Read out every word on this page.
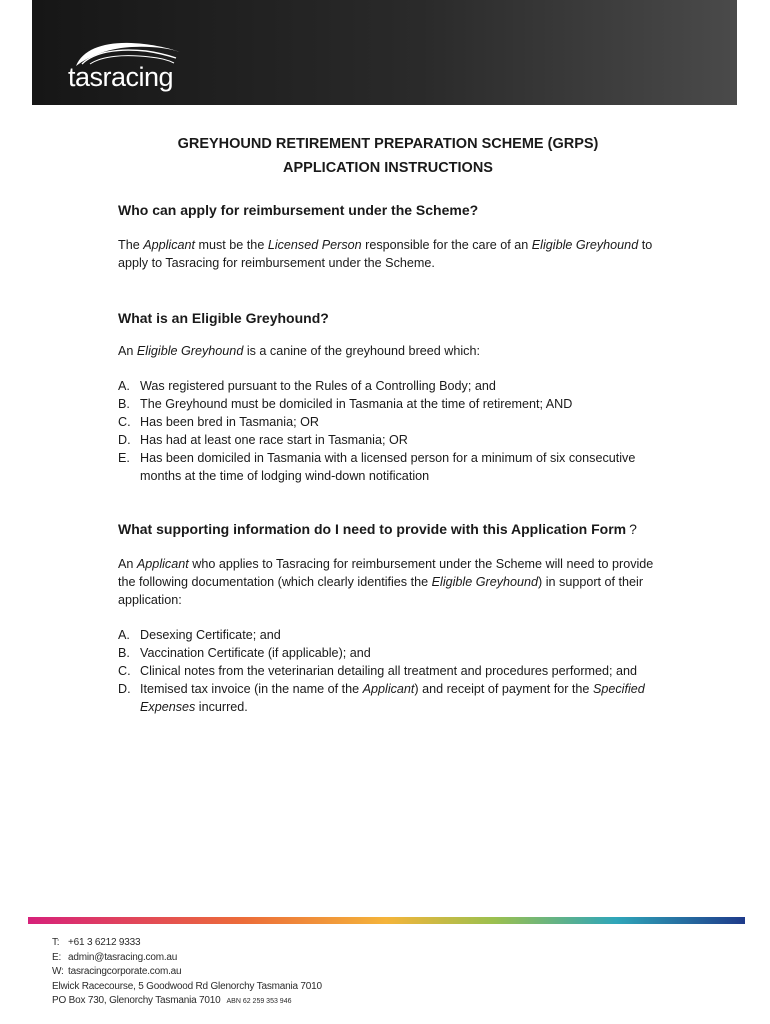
tasracing
GREYHOUND RETIREMENT PREPARATION SCHEME (GRPS)
APPLICATION INSTRUCTIONS
Who can apply for reimbursement under the Scheme?

The Applicant must be the Licensed Person responsible for the care of an Eligible Greyhound to apply to Tasracing for reimbursement under the Scheme.

What is an Eligible Greyhound?

An Eligible Greyhound is a canine of the greyhound breed which:

A. Was registered pursuant to the Rules of a Controlling Body; and
B. The Greyhound must be domiciled in Tasmania at the time of retirement; AND
C. Has been bred in Tasmania; OR
D. Has had at least one race start in Tasmania; OR
E. Has been domiciled in Tasmania with a licensed person for a minimum of six consecutive months at the time of lodging wind-down notification
What supporting information do I need to provide with this Application Form ?

An Applicant who applies to Tasracing for reimbursement under the Scheme will need to provide the following documentation (which clearly identifies the Eligible Greyhound) in support of their application:

A. Desexing Certificate; and
B. Vaccination Certificate (if applicable); and
C. Clinical notes from the veterinarian detailing all treatment and procedures performed; and
D. Itemised tax invoice (in the name of the Applicant) and receipt of payment for the Specified Expenses incurred.
T: +61 3 6212 9333
E: admin@tasracing.com.au
W: tasracingcorporate.com.au
Elwick Racecourse, 5 Goodwood Rd Glenorchy Tasmania 7010
PO Box 730, Glenorchy Tasmania 7010 ABN 62 259 353 946
